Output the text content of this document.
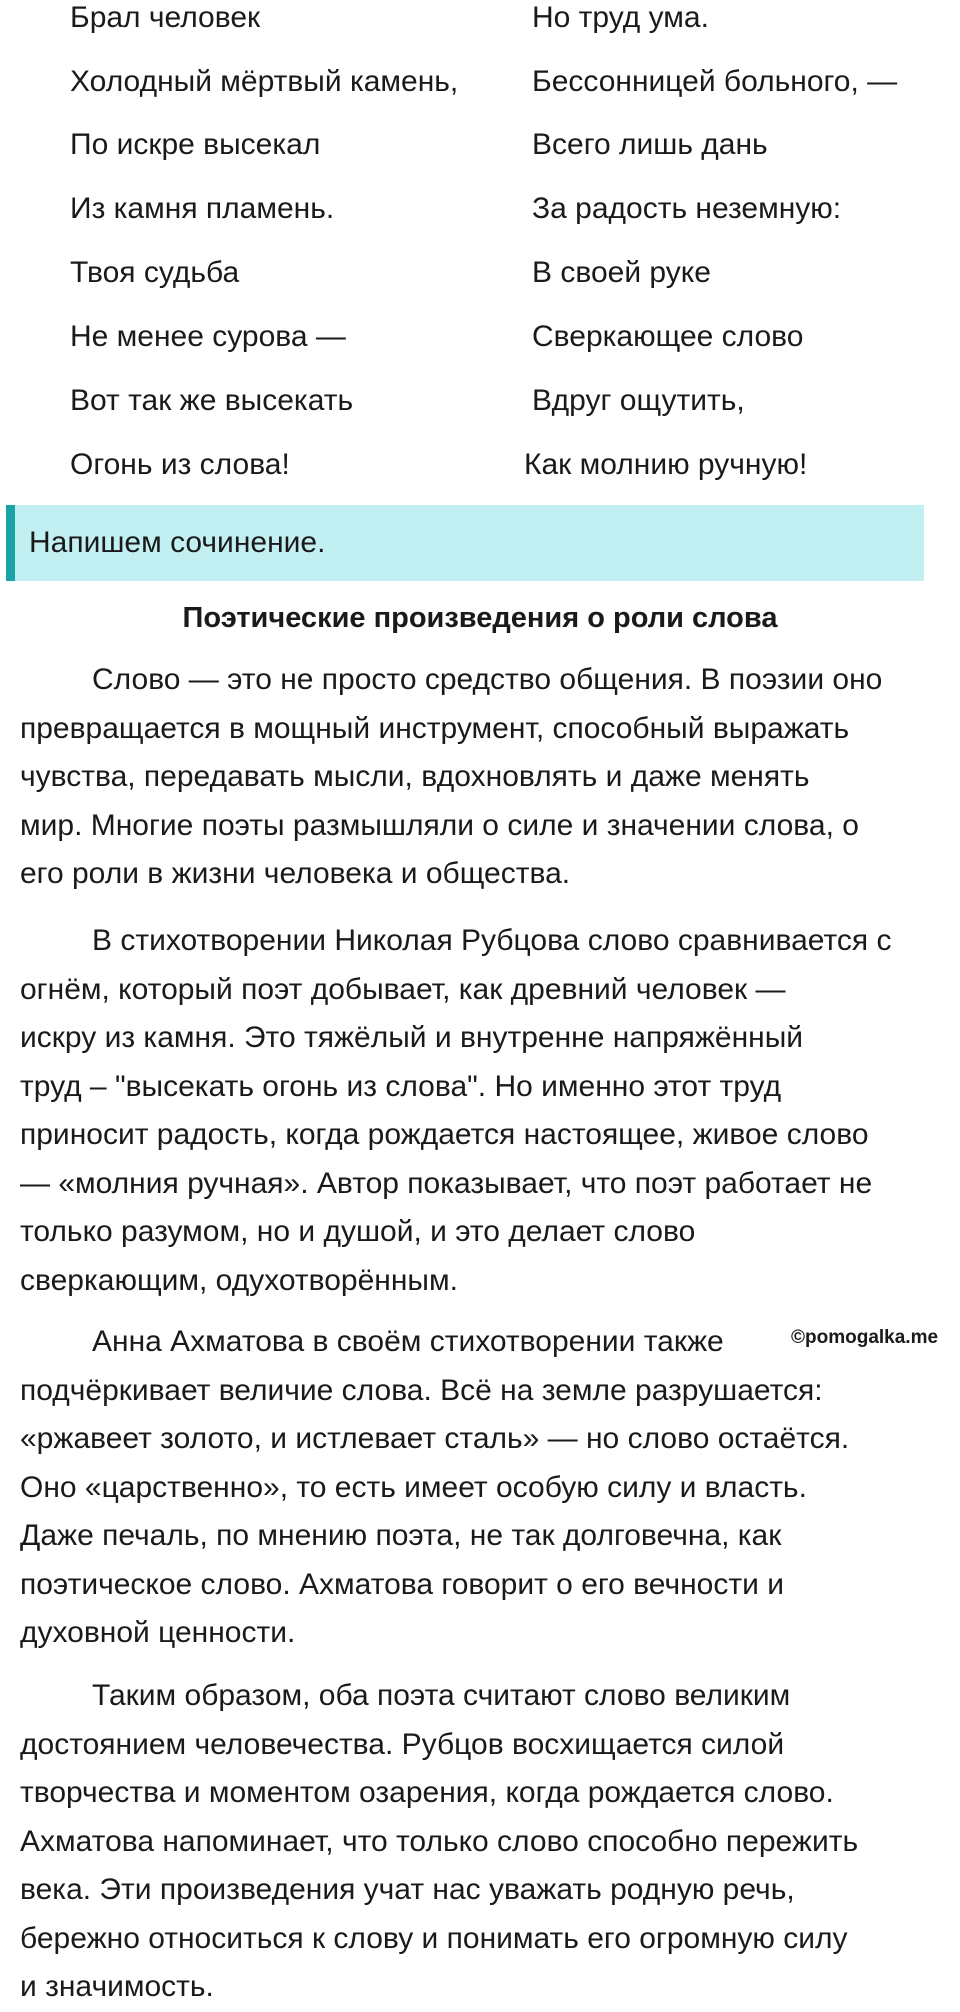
Брал человек
Холодный мёртвый камень,
По искре высекал
Из камня пламень.
Твоя судьба
Не менее сурова —
Вот так же высекать
Огонь из слова!
Но труд ума.
Бессонницей больного, —
Всего лишь дань
За радость неземную:
В своей руке
Сверкающее слово
Вдруг ощутить,
Как молнию ручную!
Напишем сочинение.
Поэтические произведения о роли слова
Слово — это не просто средство общения. В поэзии оно
превращается в мощный инструмент, способный выражать
чувства, передавать мысли, вдохновлять и даже менять
мир. Многие поэты размышляли о силе и значении слова, о
его роли в жизни человека и общества.
В стихотворении Николая Рубцова слово сравнивается с
огнём, который поэт добывает, как древний человек —
искру из камня. Это тяжёлый и внутренне напряжённый
труд – "высекать огонь из слова". Но именно этот труд
приносит радость, когда рождается настоящее, живое слово
— «молния ручная». Автор показывает, что поэт работает не
только разумом, но и душой, и это делает слово
сверкающим, одухотворённым.
Анна Ахматова в своём стихотворении также
подчёркивает величие слова. Всё на земле разрушается:
«ржавеет золото, и истлевает сталь» — но слово остаётся.
Оно «царственно», то есть имеет особую силу и власть.
Даже печаль, по мнению поэта, не так долговечна, как
поэтическое слово. Ахматова говорит о его вечности и
духовной ценности.
Таким образом, оба поэта считают слово великим
достоянием человечества. Рубцов восхищается силой
творчества и моментом озарения, когда рождается слово.
Ахматова напоминает, что только слово способно пережить
века. Эти произведения учат нас уважать родную речь,
бережно относиться к слову и понимать его огромную силу
и значимость.
©pomogalka.me
